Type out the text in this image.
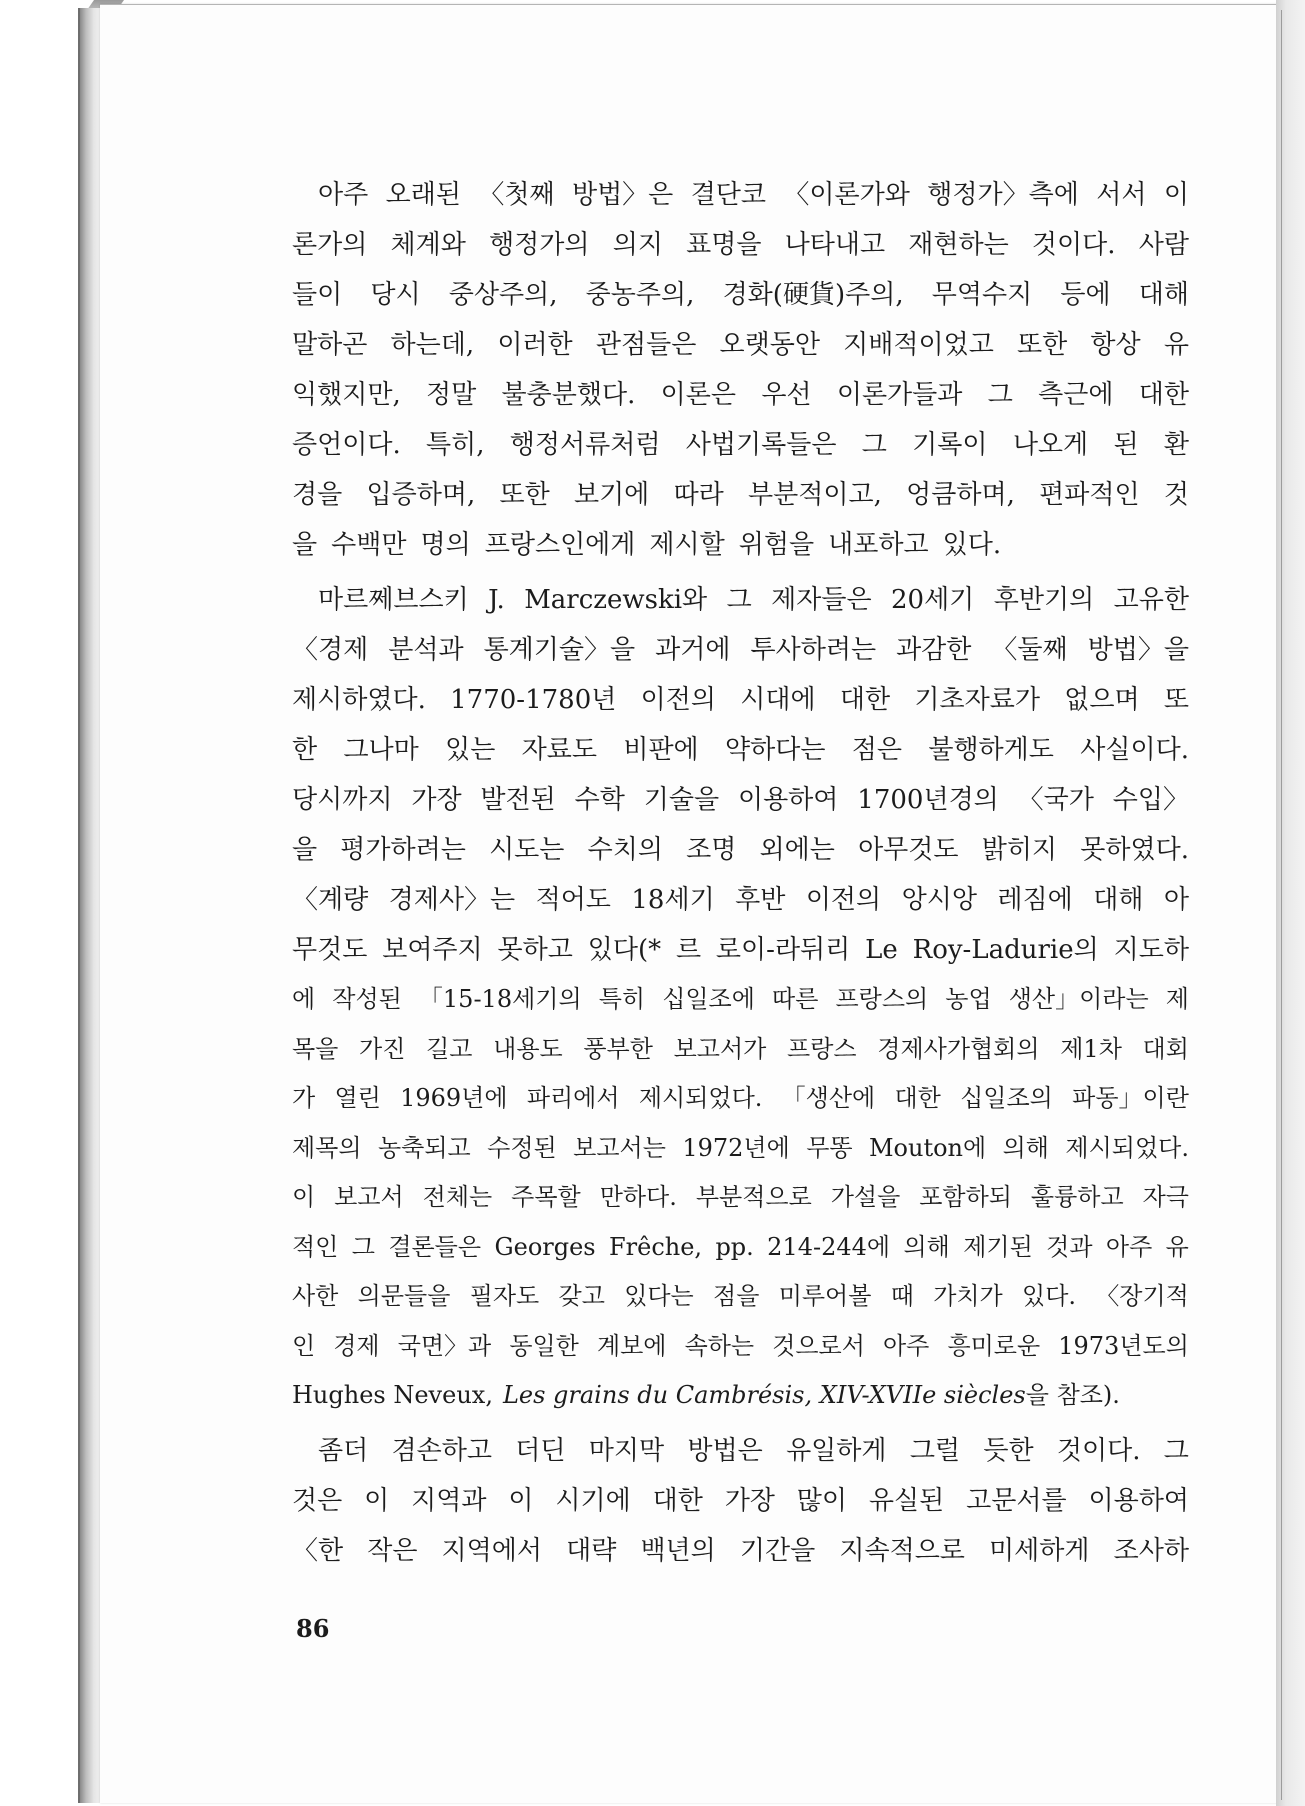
아주 오래된 〈첫째 방법〉은 결단코 〈이론가와 행정가〉측에 서서 이
론가의 체계와 행정가의 의지 표명을 나타내고 재현하는 것이다. 사람
들이 당시 중상주의, 중농주의, 경화(硬貨)주의, 무역수지 등에 대해
말하곤 하는데, 이러한 관점들은 오랫동안 지배적이었고 또한 항상 유
익했지만, 정말 불충분했다. 이론은 우선 이론가들과 그 측근에 대한
증언이다. 특히, 행정서류처럼 사법기록들은 그 기록이 나오게 된 환
경을 입증하며, 또한 보기에 따라 부분적이고, 엉큼하며, 편파적인 것
을 수백만 명의 프랑스인에게 제시할 위험을 내포하고 있다.
마르쩨브스키 J. Marczewski와 그 제자들은 20세기 후반기의 고유한
〈경제 분석과 통계기술〉을 과거에 투사하려는 과감한 〈둘째 방법〉을
제시하였다. 1770-1780년 이전의 시대에 대한 기초자료가 없으며 또
한 그나마 있는 자료도 비판에 약하다는 점은 불행하게도 사실이다.
당시까지 가장 발전된 수학 기술을 이용하여 1700년경의 〈국가 수입〉
을 평가하려는 시도는 수치의 조명 외에는 아무것도 밝히지 못하였다.
〈계량 경제사〉는 적어도 18세기 후반 이전의 앙시앙 레짐에 대해 아
무것도 보여주지 못하고 있다(* 르 로이-라뒤리 Le Roy-Ladurie의 지도하
에 작성된 「15-18세기의 특히 십일조에 따른 프랑스의 농업 생산」이라는 제
목을 가진 길고 내용도 풍부한 보고서가 프랑스 경제사가협회의 제1차 대회
가 열린 1969년에 파리에서 제시되었다. 「생산에 대한 십일조의 파동」이란
제목의 농축되고 수정된 보고서는 1972년에 무똥 Mouton에 의해 제시되었다.
이 보고서 전체는 주목할 만하다. 부분적으로 가설을 포함하되 훌륭하고 자극
적인 그 결론들은 Georges Frêche, pp. 214-244에 의해 제기된 것과 아주 유
사한 의문들을 필자도 갖고 있다는 점을 미루어볼 때 가치가 있다. 〈장기적
인 경제 국면〉과 동일한 계보에 속하는 것으로서 아주 흥미로운 1973년도의
Hughes Neveux, Les grains du Cambrésis, XIV-XVIIe siècles 을 참조).
좀더 겸손하고 더딘 마지막 방법은 유일하게 그럴 듯한 것이다. 그
것은 이 지역과 이 시기에 대한 가장 많이 유실된 고문서를 이용하여
〈한 작은 지역에서 대략 백년의 기간을 지속적으로 미세하게 조사하
86
